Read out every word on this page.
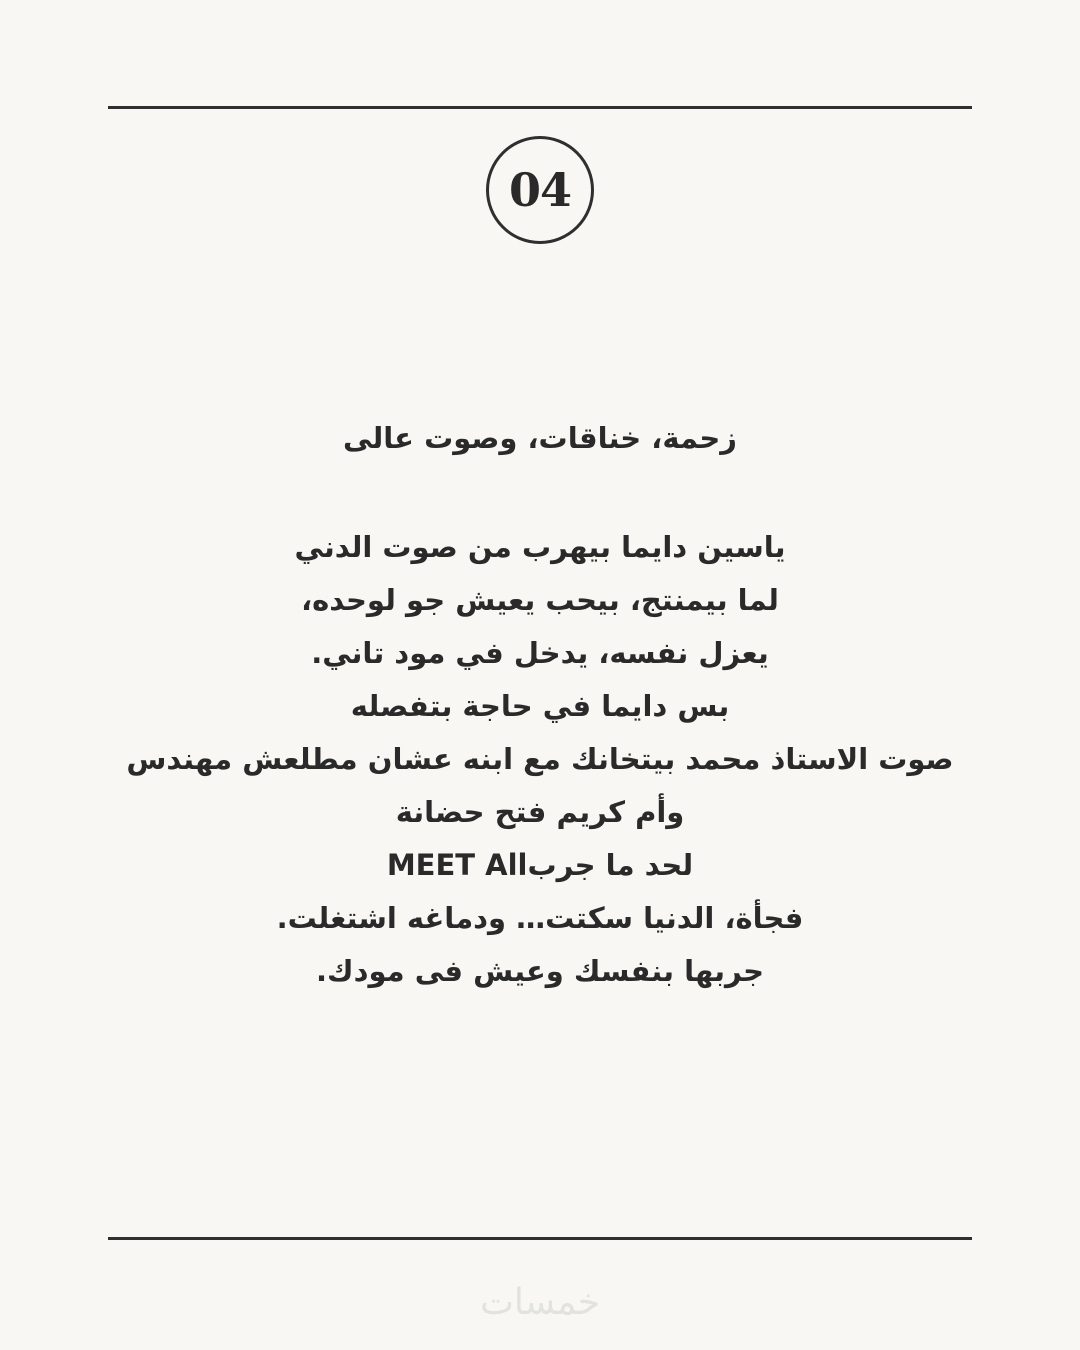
04
زحمة، خناقات، وصوت عالى
ياسين دايما بيهرب من صوت الدني
لما بيمنتج، بيحب يعيش جو لوحده،
يعزل نفسه، يدخل في مود تاني.
بس دايما في حاجة بتفصله
صوت الاستاذ محمد بيتخانك مع ابنه عشان مطلعش مهندس
وأم كريم فتح حضانة
لحد ما جربMEET All
فجأة، الدنيا سكتت… ودماغه اشتغلت.
جربها بنفسك وعيش فى مودك.
خمسات
